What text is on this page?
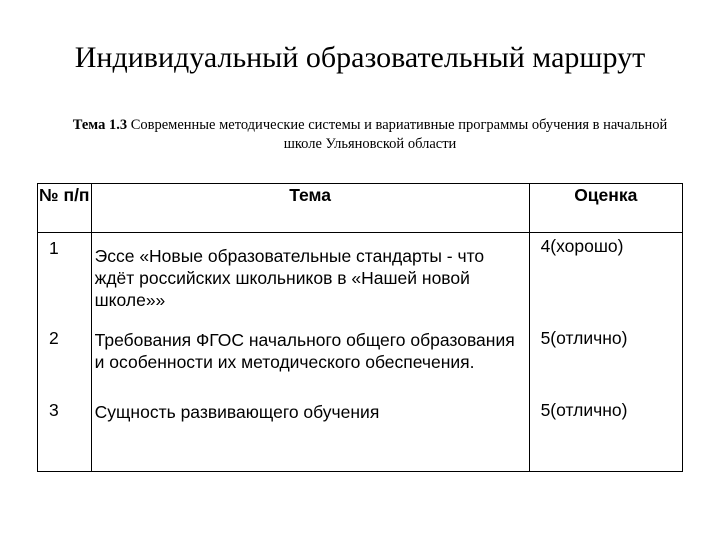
Индивидуальный образовательный маршрут
Тема 1.3 Современные методические системы и вариативные программы обучения в начальной школе Ульяновской области
№ п/п	Тема	Оценка
1	Эссе «Новые образовательные стандарты - что ждёт российских школьников в «Нашей новой школе»»	4(хорошо)
2	Требования ФГОС начального общего образования и особенности их методического обеспечения.	5(отлично)
3	Сущность развивающего обучения	5(отлично)
